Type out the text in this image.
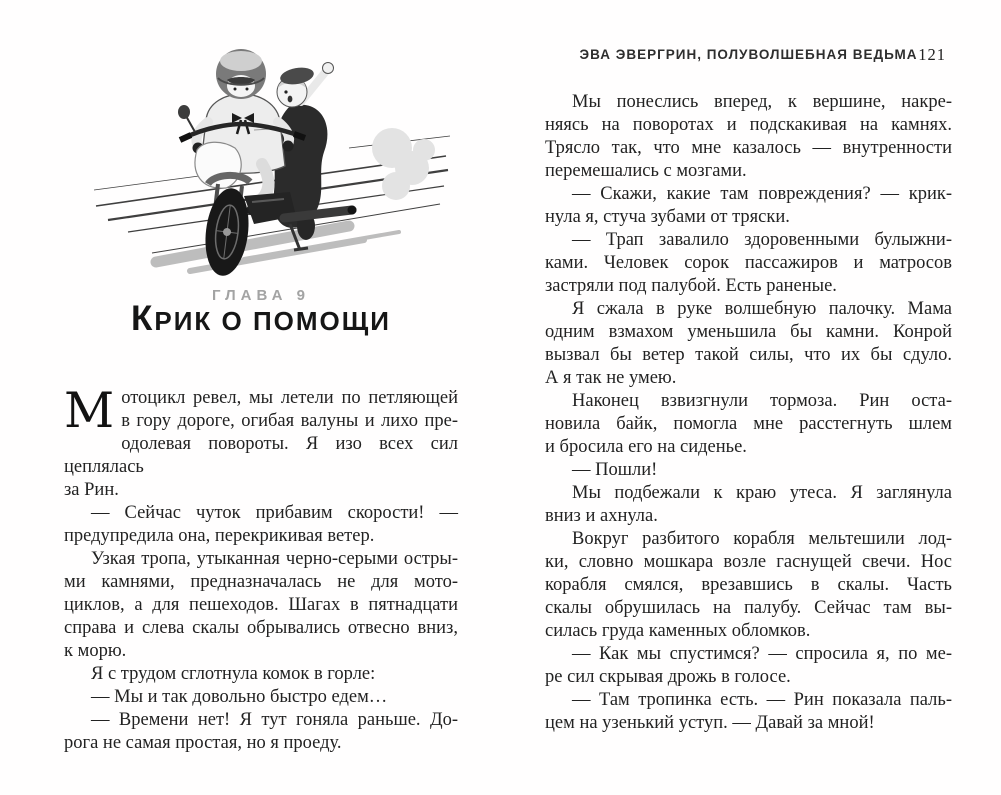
ГЛАВА 9
КРИК О ПОМОЩИ
М отоцикл ревел, мы летели по петляющей
в гору дороге, огибая валуны и лихо пре-
одолевая повороты. Я изо всех сил цеплялась
за Рин.
— Сейчас чуток прибавим скорости! —
предупредила она, перекрикивая ветер.
Узкая тропа, утыканная черно-серыми остры-
ми камнями, предназначалась не для мото-
циклов, а для пешеходов. Шагах в пятнадцати
справа и слева скалы обрывались отвесно вниз,
к морю.
Я с трудом сглотнула комок в горле:
— Мы и так довольно быстро едем…
— Времени нет! Я тут гоняла раньше. До-
рога не самая простая, но я проеду.
ЭВА ЭВЕРГРИН, ПОЛУВОЛШЕБНАЯ ВЕДЬМА 121
Мы понеслись вперед, к вершине, накре-
няясь на поворотах и подскакивая на камнях.
Трясло так, что мне казалось — внутренности
перемешались с мозгами.
— Скажи, какие там повреждения? — крик-
нула я, стуча зубами от тряски.
— Трап завалило здоровенными булыжни-
ками. Человек сорок пассажиров и матросов
застряли под палубой. Есть раненые.
Я сжала в руке волшебную палочку. Мама
одним взмахом уменьшила бы камни. Конрой
вызвал бы ветер такой силы, что их бы сдуло.
А я так не умею.
Наконец взвизгнули тормоза. Рин оста-
новила байк, помогла мне расстегнуть шлем
и бросила его на сиденье.
— Пошли!
Мы подбежали к краю утеса. Я заглянула
вниз и ахнула.
Вокруг разбитого корабля мельтешили лод-
ки, словно мошкара возле гаснущей свечи. Нос
корабля смялся, врезавшись в скалы. Часть
скалы обрушилась на палубу. Сейчас там вы-
силась груда каменных обломков.
— Как мы спустимся? — спросила я, по ме-
ре сил скрывая дрожь в голосе.
— Там тропинка есть. — Рин показала паль-
цем на узенький уступ. — Давай за мной!
